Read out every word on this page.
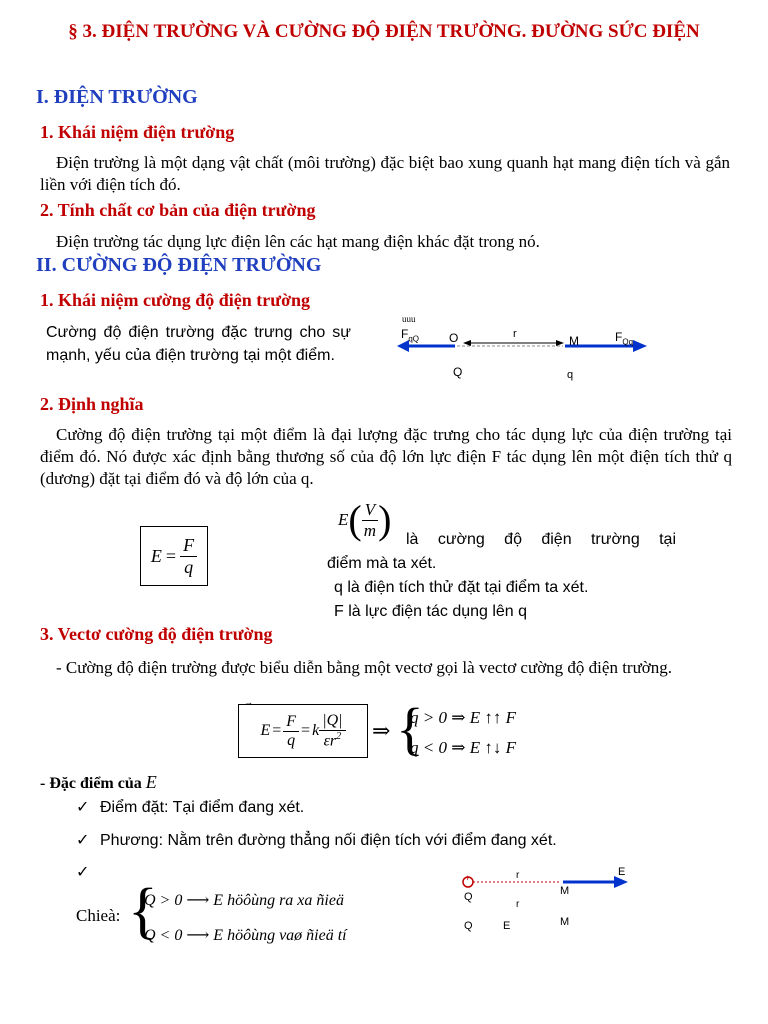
§ 3. ĐIỆN TRƯỜNG VÀ CƯỜNG ĐỘ ĐIỆN TRƯỜNG. ĐƯỜNG SỨC ĐIỆN
I. ĐIỆN TRƯỜNG
1. Khái niệm điện trường
Điện trường là một dạng vật chất (môi trường) đặc biệt bao xung quanh hạt mang điện tích và gắn liền với điện tích đó.
2. Tính chất cơ bản của điện trường
Điện trường tác dụng lực điện lên các hạt mang điện khác đặt trong nó.
II. CƯỜNG ĐỘ ĐIỆN TRƯỜNG
1. Khái niệm cường độ điện trường
Cường độ điện trường đặc trưng cho sự mạnh, yếu của điện trường tại một điểm.
uuu
$F_{qQ}$ O	r	M	$F_{Qq}$
Q	q
2. Định nghĩa
Cường độ điện trường tại một điểm là đại lượng đặc trưng cho tác dụng lực của điện trường tại điểm đó. Nó được xác định bằng thương số của độ lớn lực điện F tác dụng lên một điện tích thử q (dương) đặt tại điểm đó và độ lớn của q.
$E = \frac{F}{q}$
E ( $\frac{V}{m}$ ) là cường độ điện trường tại
điểm mà ta xét.
q là điện tích thử đặt tại điểm ta xét.
F là lực điện tác dụng lên q
3. Vectơ cường độ điện trường
- Cường độ điện trường được biểu diễn bằng một vectơ gọi là vectơ cường độ điện trường.
$E = \frac{F}{q} = k \frac{|Q|}{\varepsilon r^2}$
→
⇒ {
q > 0 ⇒ E ↑↑ F
q < 0 ⇒ E ↑↓ F
- Đặc điểm của E
✓ Điểm đặt: Tại điểm đang xét.
✓ Phương: Nằm trên đường thẳng nối điện tích với điểm đang xét.
✓
Chieà: {
Q > 0 ⟶ E höôùng ra xa ñieä
Q < 0 ⟶ E höôùng vaø ñieä tí
+
Q
r
M
E
r
Q	E	M
